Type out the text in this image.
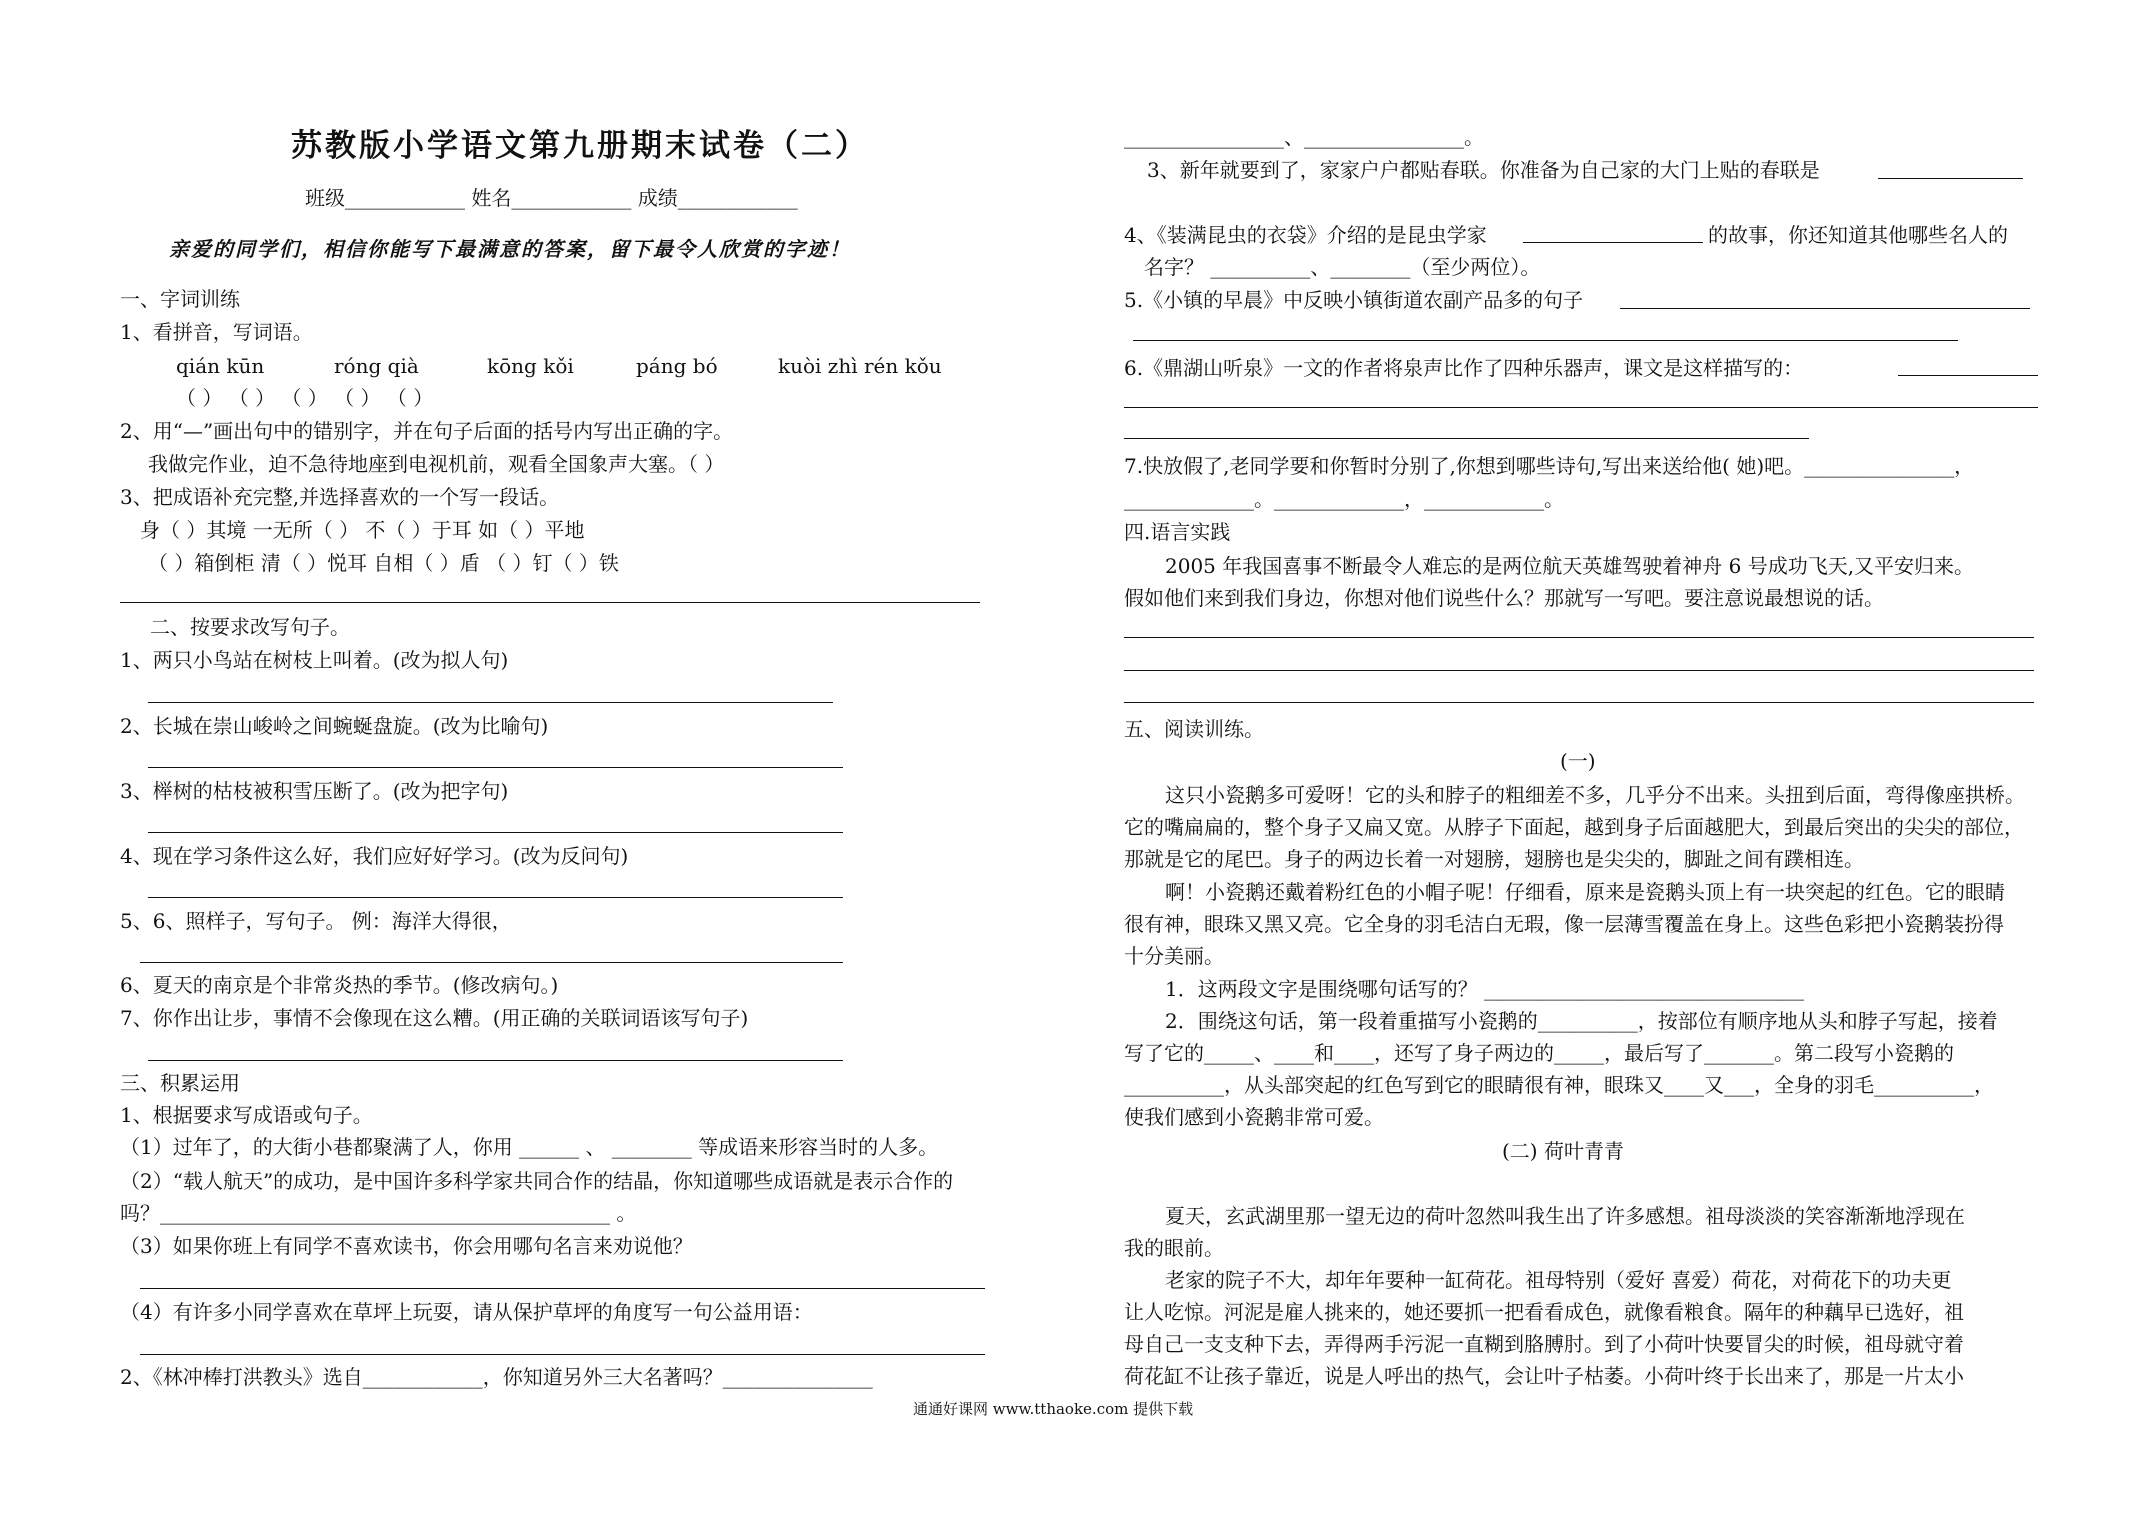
苏教版小学语文第九册期末试卷（二）
班级____________ 姓名____________ 成绩____________
亲爱的同学们，相信你能写下最满意的答案，留下最令人欣赏的字迹！
一、字词训练
1、看拼音，写词语。
qián kūn	róng qià	kōng kǒi	páng bó	kuòi zhì rén kǒu
（ ） （ ） （ ） （ ） （ ）
2、用“—”画出句中的错别字，并在句子后面的括号内写出正确的字。
我做完作业，迫不急待地座到电视机前，观看全国象声大塞。（ ）
3、把成语补充完整,并选择喜欢的一个写一段话。
身（ ）其境 一无所（ ） 不（ ）于耳 如（ ）平地
（ ）箱倒柜 清（ ）悦耳 自相（ ）盾 （ ）钉（ ）铁
二、按要求改写句子。
1、两只小鸟站在树枝上叫着。(改为拟人句)
2、长城在崇山峻岭之间蜿蜒盘旋。(改为比喻句)
3、榉树的枯枝被积雪压断了。(改为把字句)
4、现在学习条件这么好，我们应好好学习。(改为反问句)
5、6、照样子，写句子。 例：海洋大得很，
6、夏天的南京是个非常炎热的季节。(修改病句。)
7、你作出让步，事情不会像现在这么糟。(用正确的关联词语该写句子)
三、积累运用
1、根据要求写成语或句子。
（1）过年了，的大街小巷都聚满了人，你用 ______ 、 ________ 等成语来形容当时的人多。
（2）“载人航天”的成功，是中国许多科学家共同合作的结晶，你知道哪些成语就是表示合作的
吗？_____________________________________________ 。
（3）如果你班上有同学不喜欢读书，你会用哪句名言来劝说他？
（4）有许多小同学喜欢在草坪上玩耍，请从保护草坪的角度写一句公益用语：
2、《林冲棒打洪教头》选自____________，你知道另外三大名著吗？_______________
________________、________________。
3、新年就要到了，家家户户都贴春联。你准备为自己家的大门上贴的春联是
4、《装满昆虫的衣袋》介绍的是昆虫学家	的故事，你还知道其他哪些名人的
名字？ __________、________（至少两位）。
5.《小镇的早晨》中反映小镇街道农副产品多的句子
6.《鼎湖山听泉》一文的作者将泉声比作了四种乐器声，课文是这样描写的：
7.快放假了,老同学要和你暂时分别了,你想到哪些诗句,写出来送给他( 她)吧。_______________，
_____________。_____________，____________。
四.语言实践
2005 年我国喜事不断最令人难忘的是两位航天英雄驾驶着神舟 6 号成功飞天,又平安归来。
假如他们来到我们身边，你想对他们说些什么？那就写一写吧。要注意说最想说的话。
五、阅读训练。
(一)
这只小瓷鹅多可爱呀！它的头和脖子的粗细差不多，几乎分不出来。头扭到后面，弯得像座拱桥。
它的嘴扁扁的，整个身子又扁又宽。从脖子下面起，越到身子后面越肥大，到最后突出的尖尖的部位，
那就是它的尾巴。身子的两边长着一对翅膀，翅膀也是尖尖的，脚趾之间有蹼相连。
啊！小瓷鹅还戴着粉红色的小帽子呢！仔细看，原来是瓷鹅头顶上有一块突起的红色。它的眼睛
很有神，眼珠又黑又亮。它全身的羽毛洁白无瑕，像一层薄雪覆盖在身上。这些色彩把小瓷鹅装扮得
十分美丽。
1．这两段文字是围绕哪句话写的？ ________________________________
2．围绕这句话，第一段着重描写小瓷鹅的__________，按部位有顺序地从头和脖子写起，接着
写了它的_____、____和____，还写了身子两边的_____，最后写了_______。第二段写小瓷鹅的
__________，从头部突起的红色写到它的眼睛很有神，眼珠又____又___，全身的羽毛__________，
使我们感到小瓷鹅非常可爱。
(二) 荷叶青青
夏天，玄武湖里那一望无边的荷叶忽然叫我生出了许多感想。祖母淡淡的笑容渐渐地浮现在
我的眼前。
老家的院子不大，却年年要种一缸荷花。祖母特别（爱好 喜爱）荷花，对荷花下的功夫更
让人吃惊。河泥是雇人挑来的，她还要抓一把看看成色，就像看粮食。隔年的种藕早已选好，祖
母自己一支支种下去，弄得两手污泥一直糊到胳膊肘。到了小荷叶快要冒尖的时候，祖母就守着
荷花缸不让孩子靠近，说是人呼出的热气，会让叶子枯萎。小荷叶终于长出来了，那是一片太小
通通好课网 www.tthaoke.com 提供下载
